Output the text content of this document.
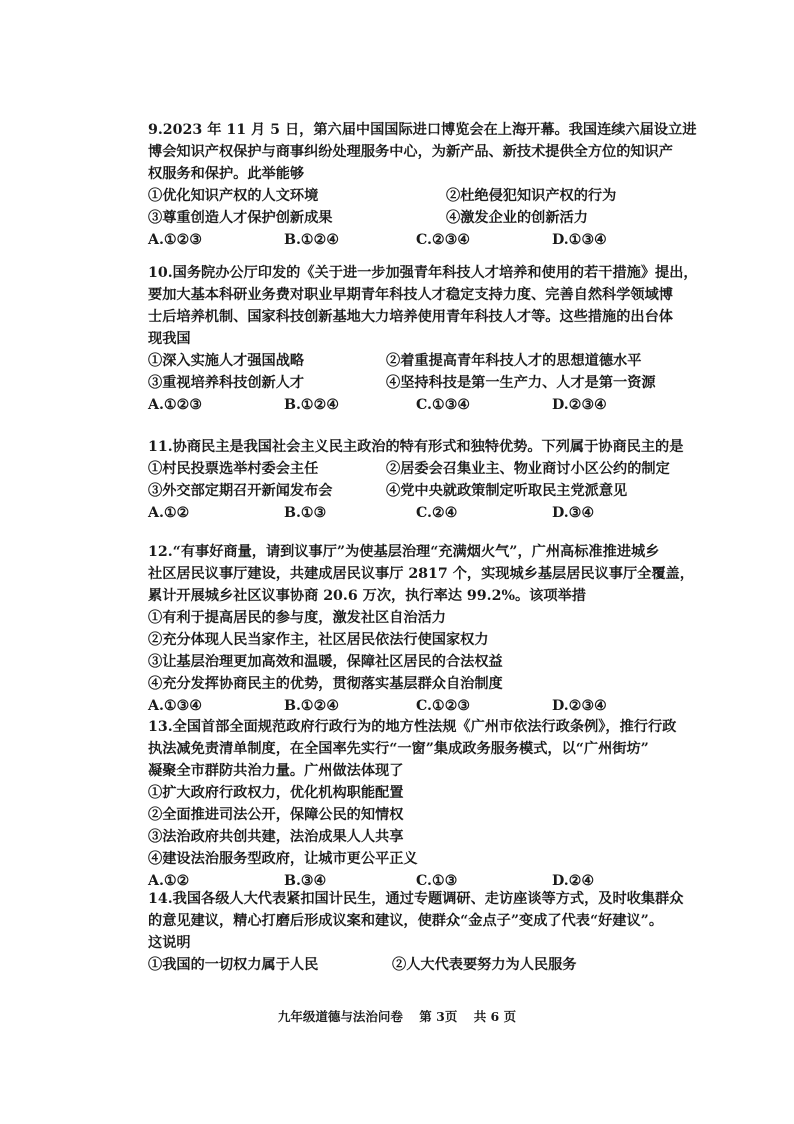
9.2023 年 11 月 5 日，第六届中国国际进口博览会在上海开幕。我国连续六届设立进
博会知识产权保护与商事纠纷处理服务中心，为新产品、新技术提供全方位的知识产
权服务和保护。此举能够
①优化知识产权的人文环境	②杜绝侵犯知识产权的行为
③尊重创造人才保护创新成果	④激发企业的创新活力
A.①②③	B.①②④	C.②③④	D.①③④
10.国务院办公厅印发的《关于进一步加强青年科技人才培养和使用的若干措施》提出，
要加大基本科研业务费对职业早期青年科技人才稳定支持力度、完善自然科学领域博
士后培养机制、国家科技创新基地大力培养使用青年科技人才等。这些措施的出台体
现我国
①深入实施人才强国战略	②着重提高青年科技人才的思想道德水平
③重视培养科技创新人才	④坚持科技是第一生产力、人才是第一资源
A.①②③	B.①②④	C.①③④	D.②③④
11.协商民主是我国社会主义民主政治的特有形式和独特优势。下列属于协商民主的是
①村民投票选举村委会主任	②居委会召集业主、物业商讨小区公约的制定
③外交部定期召开新闻发布会	④党中央就政策制定听取民主党派意见
A.①②	B.①③	C.②④	D.③④
12.“有事好商量，请到议事厅”为使基层治理“充满烟火气”，广州高标准推进城乡
社区居民议事厅建设，共建成居民议事厅 2817 个，实现城乡基层居民议事厅全覆盖，
累计开展城乡社区议事协商 20.6 万次，执行率达 99.2%。该项举措
①有利于提高居民的参与度，激发社区自治活力
②充分体现人民当家作主，社区居民依法行使国家权力
③让基层治理更加高效和温暖，保障社区居民的合法权益
④充分发挥协商民主的优势，贯彻落实基层群众自治制度
A.①③④	B.①②④	C.①②③	D.②③④
13.全国首部全面规范政府行政行为的地方性法规《广州市依法行政条例》，推行行政
执法减免责清单制度，在全国率先实行“一窗”集成政务服务模式，以“广州街坊”
凝聚全市群防共治力量。广州做法体现了
①扩大政府行政权力，优化机构职能配置
②全面推进司法公开，保障公民的知情权
③法治政府共创共建，法治成果人人共享
④建设法治服务型政府，让城市更公平正义
A.①②	B.③④	C.①③	D.②④
14.我国各级人大代表紧扣国计民生，通过专题调研、走访座谈等方式，及时收集群众
的意见建议，精心打磨后形成议案和建议，使群众“金点子”变成了代表“好建议”。
这说明
①我国的一切权力属于人民	②人大代表要努力为人民服务
九年级道德与法治问卷 第 3页 共 6 页
